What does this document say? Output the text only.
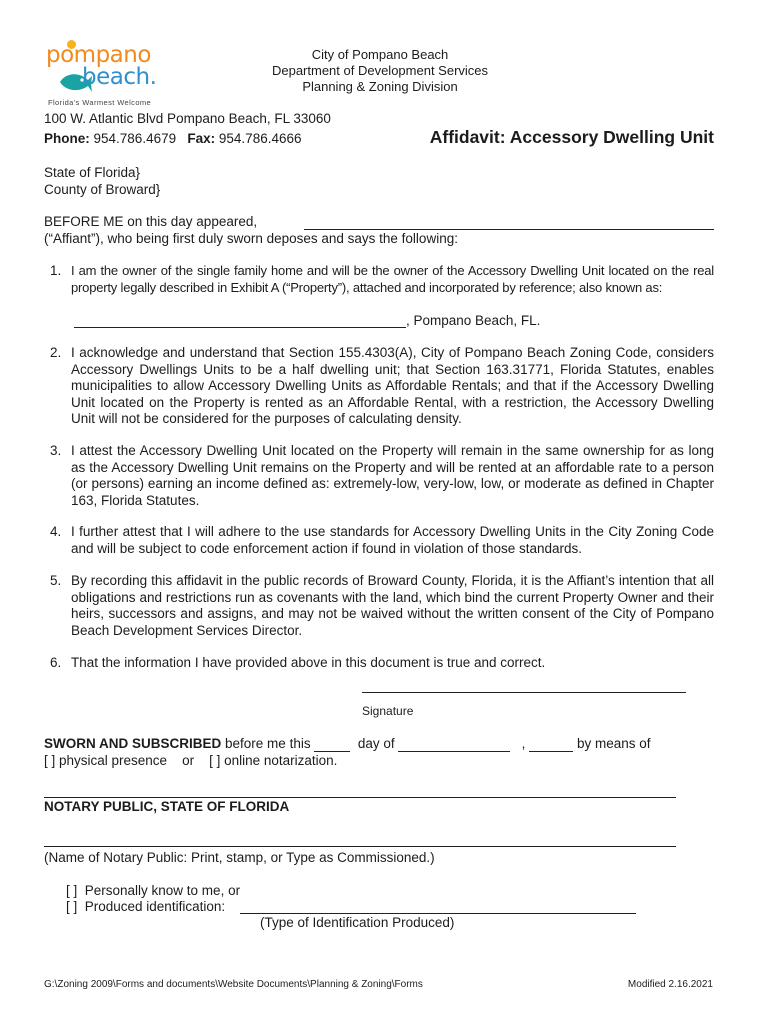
pompano
beach.
Florida's Warmest Welcome
City of Pompano Beach
Department of Development Services
Planning & Zoning Division
100 W. Atlantic Blvd Pompano Beach, FL 33060
Phone: 954.786.4679 Fax: 954.786.4666	Affidavit: Accessory Dwelling Unit
State of Florida}
County of Broward}
BEFORE ME on this day appeared,
(“Affiant”), who being first duly sworn deposes and says the following:
1. I am the owner of the single family home and will be the owner of the Accessory Dwelling Unit located on the real property legally described in Exhibit A (“Property”), attached and incorporated by reference; also known as:
, Pompano Beach, FL.
2. I acknowledge and understand that Section 155.4303(A), City of Pompano Beach Zoning Code, considers Accessory Dwellings Units to be a half dwelling unit; that Section 163.31771, Florida Statutes, enables municipalities to allow Accessory Dwelling Units as Affordable Rentals; and that if the Accessory Dwelling Unit located on the Property is rented as an Affordable Rental, with a restriction, the Accessory Dwelling Unit will not be considered for the purposes of calculating density.
3. I attest the Accessory Dwelling Unit located on the Property will remain in the same ownership for as long as the Accessory Dwelling Unit remains on the Property and will be rented at an affordable rate to a person (or persons) earning an income defined as: extremely-low, very-low, low, or moderate as defined in Chapter 163, Florida Statutes.
4. I further attest that I will adhere to the use standards for Accessory Dwelling Units in the City Zoning Code and will be subject to code enforcement action if found in violation of those standards.
5. By recording this affidavit in the public records of Broward County, Florida, it is the Affiant’s intention that all obligations and restrictions run as covenants with the land, which bind the current Property Owner and their heirs, successors and assigns, and may not be waived without the written consent of the City of Pompano Beach Development Services Director.
6. That the information I have provided above in this document is true and correct.
Signature
SWORN AND SUBSCRIBED before me this	day of	,	by means of
[ ] physical presence    or    [ ] online notarization.
NOTARY PUBLIC, STATE OF FLORIDA
(Name of Notary Public: Print, stamp, or Type as Commissioned.)
[ ]  Personally know to me, or
[ ]  Produced identification:
(Type of Identification Produced)
G:\Zoning 2009\Forms and documents\Website Documents\Planning & Zoning\Forms	Modified 2.16.2021
